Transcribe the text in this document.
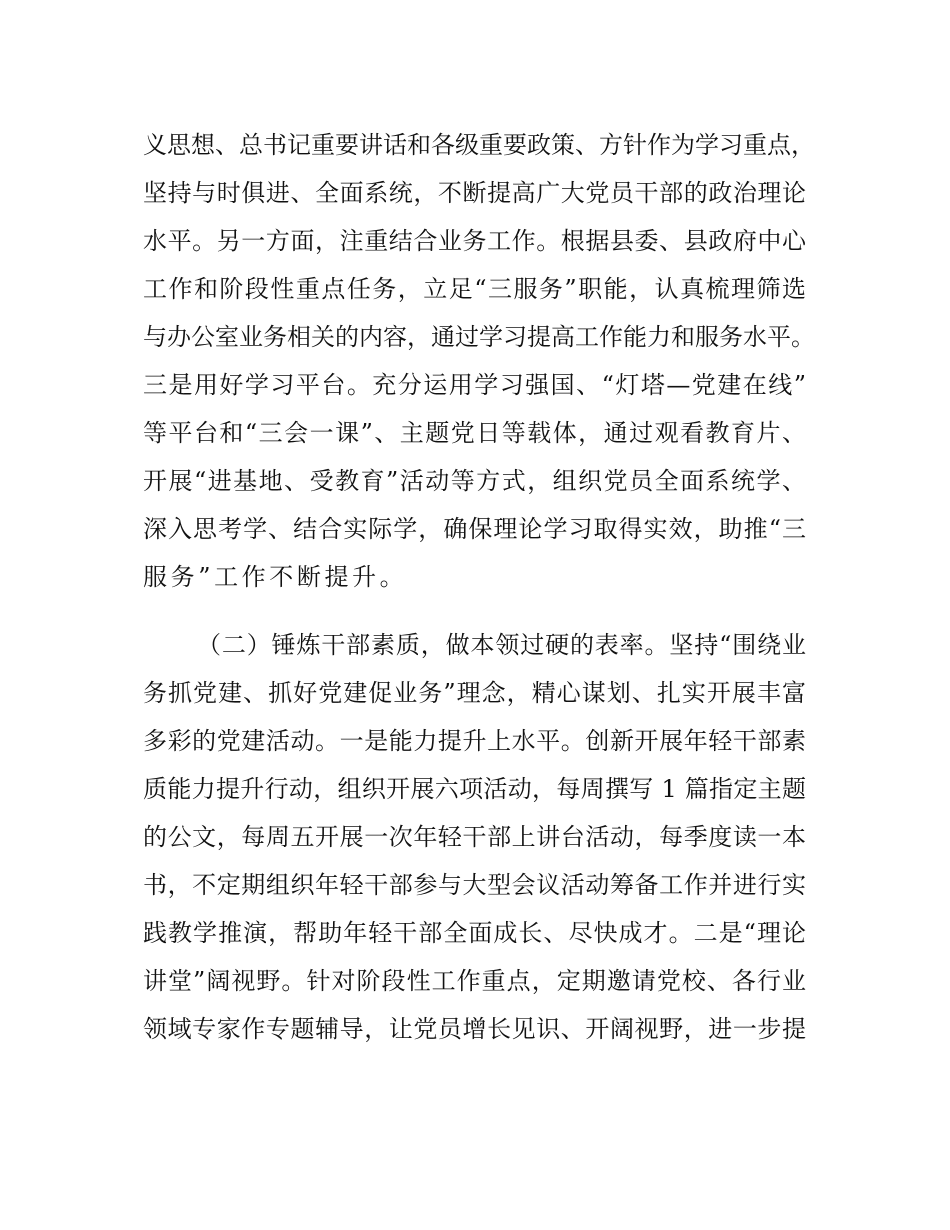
义思想、总书记重要讲话和各级重要政策、方针作为学习重点，
坚持与时俱进、全面系统，不断提高广大党员干部的政治理论
水平。另一方面，注重结合业务工作。根据县委、县政府中心
工作和阶段性重点任务，立足“三服务”职能，认真梳理筛选
与办公室业务相关的内容，通过学习提高工作能力和服务水平。
三是用好学习平台。充分运用学习强国、“灯塔—党建在线”
等平台和“三会一课”、主题党日等载体，通过观看教育片、
开展“进基地、受教育”活动等方式，组织党员全面系统学、
深入思考学、结合实际学，确保理论学习取得实效，助推“三
服务”工作不断提升。
（二）锤炼干部素质，做本领过硬的表率。坚持“围绕业
务抓党建、抓好党建促业务”理念，精心谋划、扎实开展丰富
多彩的党建活动。一是能力提升上水平。创新开展年轻干部素
质能力提升行动，组织开展六项活动，每周撰写 1 篇指定主题
的公文，每周五开展一次年轻干部上讲台活动，每季度读一本
书，不定期组织年轻干部参与大型会议活动筹备工作并进行实
践教学推演，帮助年轻干部全面成长、尽快成才。二是“理论
讲堂”阔视野。针对阶段性工作重点，定期邀请党校、各行业
领域专家作专题辅导，让党员增长见识、开阔视野，进一步提
